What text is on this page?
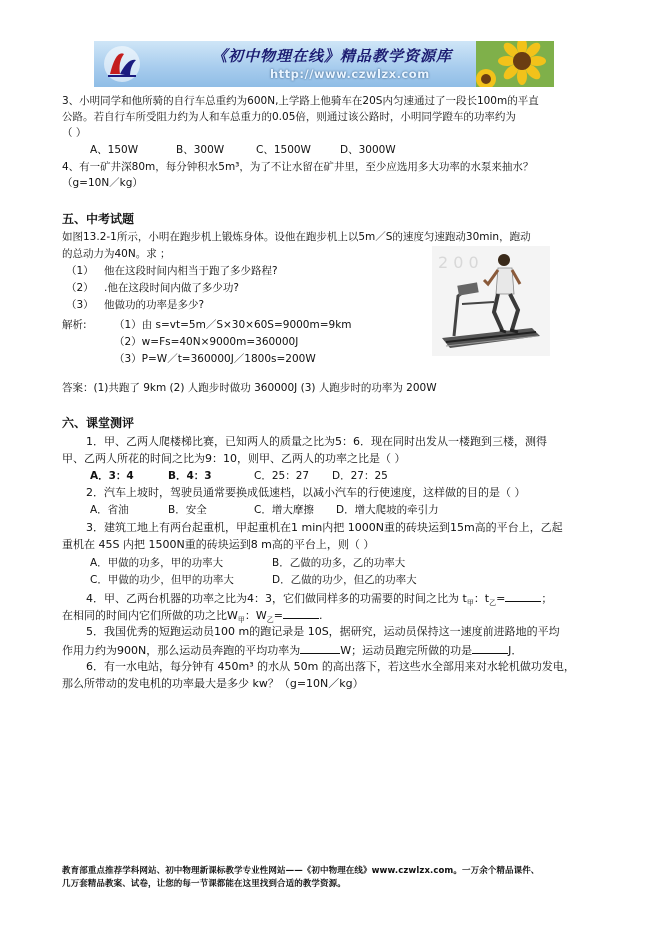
《初中物理在线》精品教学资源库
http://www.czwlzx.com
3、小明同学和他所骑的自行车总重约为600N,上学路上他骑车在20S内匀速通过了一段长100m的平直
公路。若自行车所受阻力约为人和车总重力的0.05倍，则通过该公路时，小明同学蹬车的功率约为
（ ）
A、150W	B、300W	C、1500W	D、3000W
4、有一矿井深80m，每分钟积水5m³，为了不让水留在矿井里，至少应选用多大功率的水泵来抽水？
（g=10N／kg）
五、中考试题
如图13.2-1所示，小明在跑步机上锻炼身体。设他在跑步机上以5m／S的速度匀速跑动30min，跑动
的总动力为40N。求 ；
（1） 他在这段时间内相当于跑了多少路程?
（2） .他在这段时间内做了多少功?
（3） 他做功的功率是多少?
解析:	（1）由 s=vt=5m／S×30×60S=9000m=9km
（2）w=Fs=40N×9000m=360000J
（3）P=W／t=360000J／1800s=200W
2 0 0
答案：(1)共跑了 9km (2) 人跑步时做功 360000J (3) 人跑步时的功率为 200W
六、课堂测评
1．甲、乙两人爬楼梯比赛，已知两人的质量之比为5：6．现在同时出发从一楼跑到三楼，测得
甲、乙两人所花的时间之比为9：10，则甲、乙两人的功率之比是（ ）
A．3：4	B．4：3	C．25：27 D．27：25
2．汽车上坡时，驾驶员通常要换成低速档，以减小汽车的行使速度，这样做的目的是（ ）
A．省油	B．安全	C．增大摩擦 D．增大爬坡的牵引力
3．建筑工地上有两台起重机，甲起重机在1 min内把 1000N重的砖块运到15m高的平台上，乙起
重机在 45S 内把 1500N重的砖块运到8 m高的平台上，则（ ）
A．甲做的功多，甲的功率大	B．乙做的功多，乙的功率大
C．甲做的功少，但甲的功率大	D．乙做的功少，但乙的功率大
4．甲、乙两台机器的功率之比为4：3，它们做同样多的功需要的时间之比为 $t_甲$：$t_乙=$	；
在相同的时间内它们所做的功之比$W_甲$：$W_乙=$	.
5．我国优秀的短跑运动员100 m的跑记录是 10S，据研究，运动员保持这一速度前进路地的平均
作用力约为900N，那么运动员奔跑的平均功率为	W；运动员跑完所做的功是	J．
6．有一水电站，每分钟有 450m³ 的水从 50m 的高出落下，若这些水全部用来对水轮机做功发电，
那么所带动的发电机的功率最大是多少 kw？（g=10N／kg）
教育部重点推荐学科网站、初中物理新课标教学专业性网站——《初中物理在线》www.czwlzx.com。一万余个精品课件、
几万套精品教案、试卷，让您的每一节课都能在这里找到合适的教学资源。
